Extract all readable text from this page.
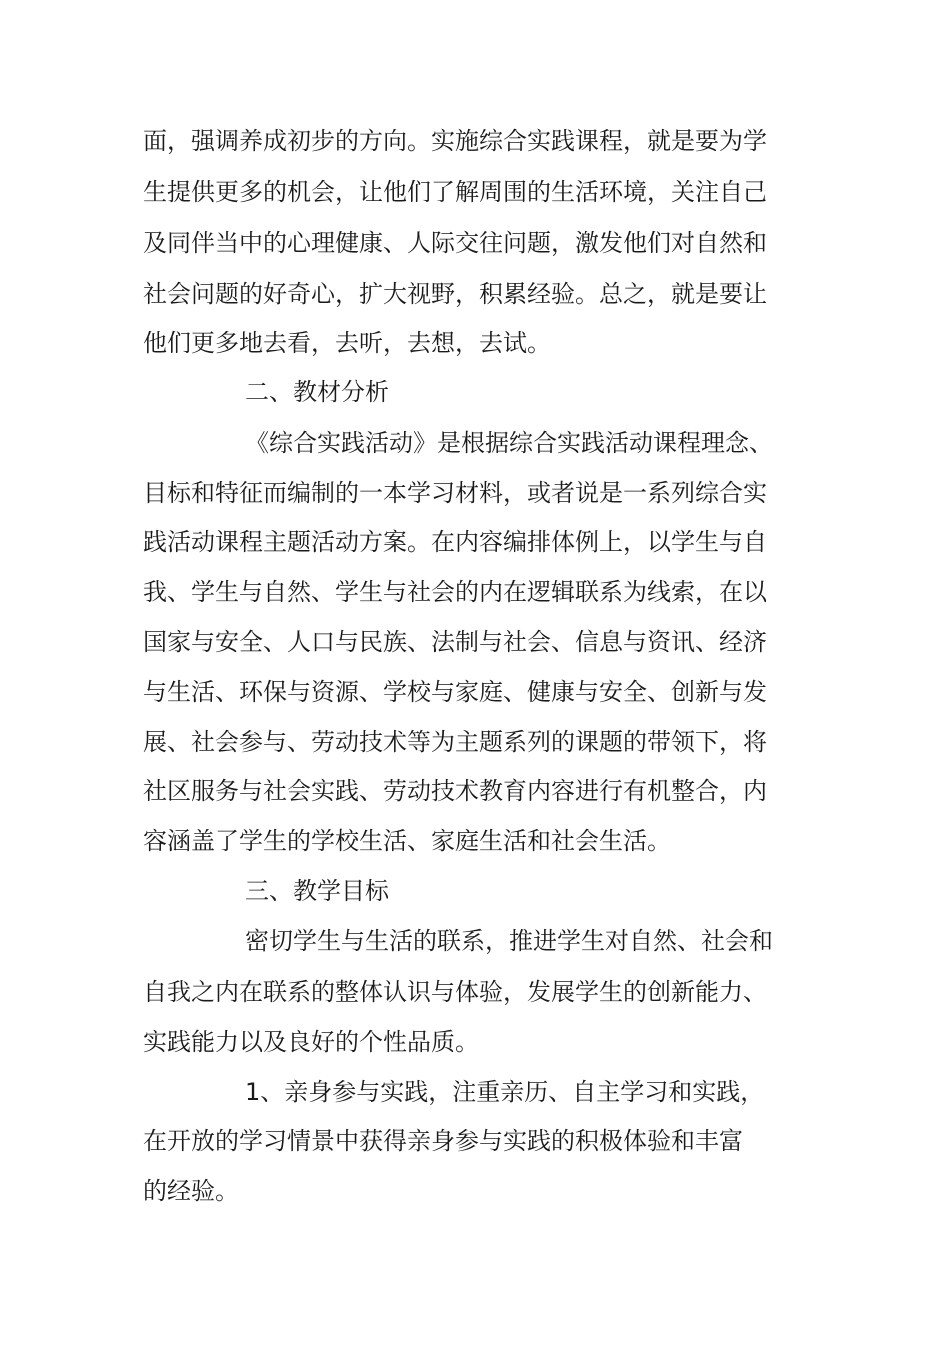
面，强调养成初步的方向。实施综合实践课程，就是要为学
生提供更多的机会，让他们了解周围的生活环境，关注自己
及同伴当中的心理健康、人际交往问题，激发他们对自然和
社会问题的好奇心，扩大视野，积累经验。总之，就是要让
他们更多地去看，去听，去想，去试。
二、教材分析
《综合实践活动》是根据综合实践活动课程理念、
目标和特征而编制的一本学习材料，或者说是一系列综合实
践活动课程主题活动方案。在内容编排体例上，以学生与自
我、学生与自然、学生与社会的内在逻辑联系为线索，在以
国家与安全、人口与民族、法制与社会、信息与资讯、经济
与生活、环保与资源、学校与家庭、健康与安全、创新与发
展、社会参与、劳动技术等为主题系列的课题的带领下，将
社区服务与社会实践、劳动技术教育内容进行有机整合，内
容涵盖了学生的学校生活、家庭生活和社会生活。
三、教学目标
密切学生与生活的联系，推进学生对自然、社会和
自我之内在联系的整体认识与体验，发展学生的创新能力、
实践能力以及良好的个性品质。
1、亲身参与实践，注重亲历、自主学习和实践，
在开放的学习情景中获得亲身参与实践的积极体验和丰富
的经验。
